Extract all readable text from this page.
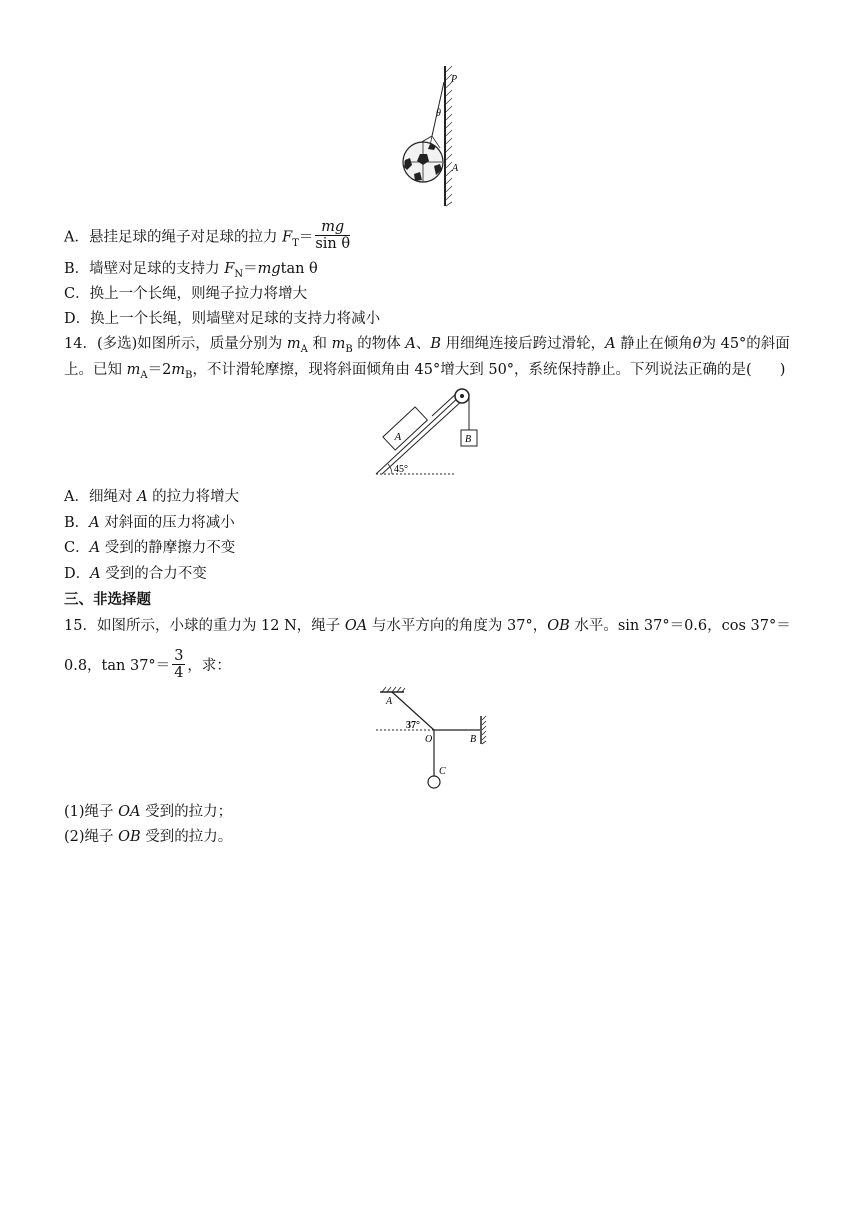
P
θ
A
A．悬挂足球的绳子对足球的拉力 $F_T= \frac{mg}{\text{sin θ}}$
B．墙壁对足球的支持力 $F_N=mgtan$ θ
C．换上一个长绳，则绳子拉力将增大
D．换上一个长绳，则墙壁对足球的支持力将减小
14．(多选)如图所示，质量分别为 $m_A$ 和 $m_B$ 的物体 A、B 用细绳连接后跨过滑轮，A 静止在倾角θ为 45°的斜面
上。已知 $m_A=2m_B$，不计滑轮摩擦，现将斜面倾角由 45°增大到 50°，系统保持静止。下列说法正确的是( )
A	B
45°
A．细绳对 A 的拉力将增大
B．A 对斜面的压力将减小
C．A 受到的静摩擦力不变
D．A 受到的合力不变
三、非选择题
15．如图所示，小球的重力为 12 N，绳子 OA 与水平方向的角度为 37°，OB 水平。sin 37°＝0.6，cos 37°＝
0.8，$\tan 37^\circ= \frac{3}{4}$ ，求：
A
B
37°
O
C
(1)绳子 OA 受到的拉力；
(2)绳子 OB 受到的拉力。
